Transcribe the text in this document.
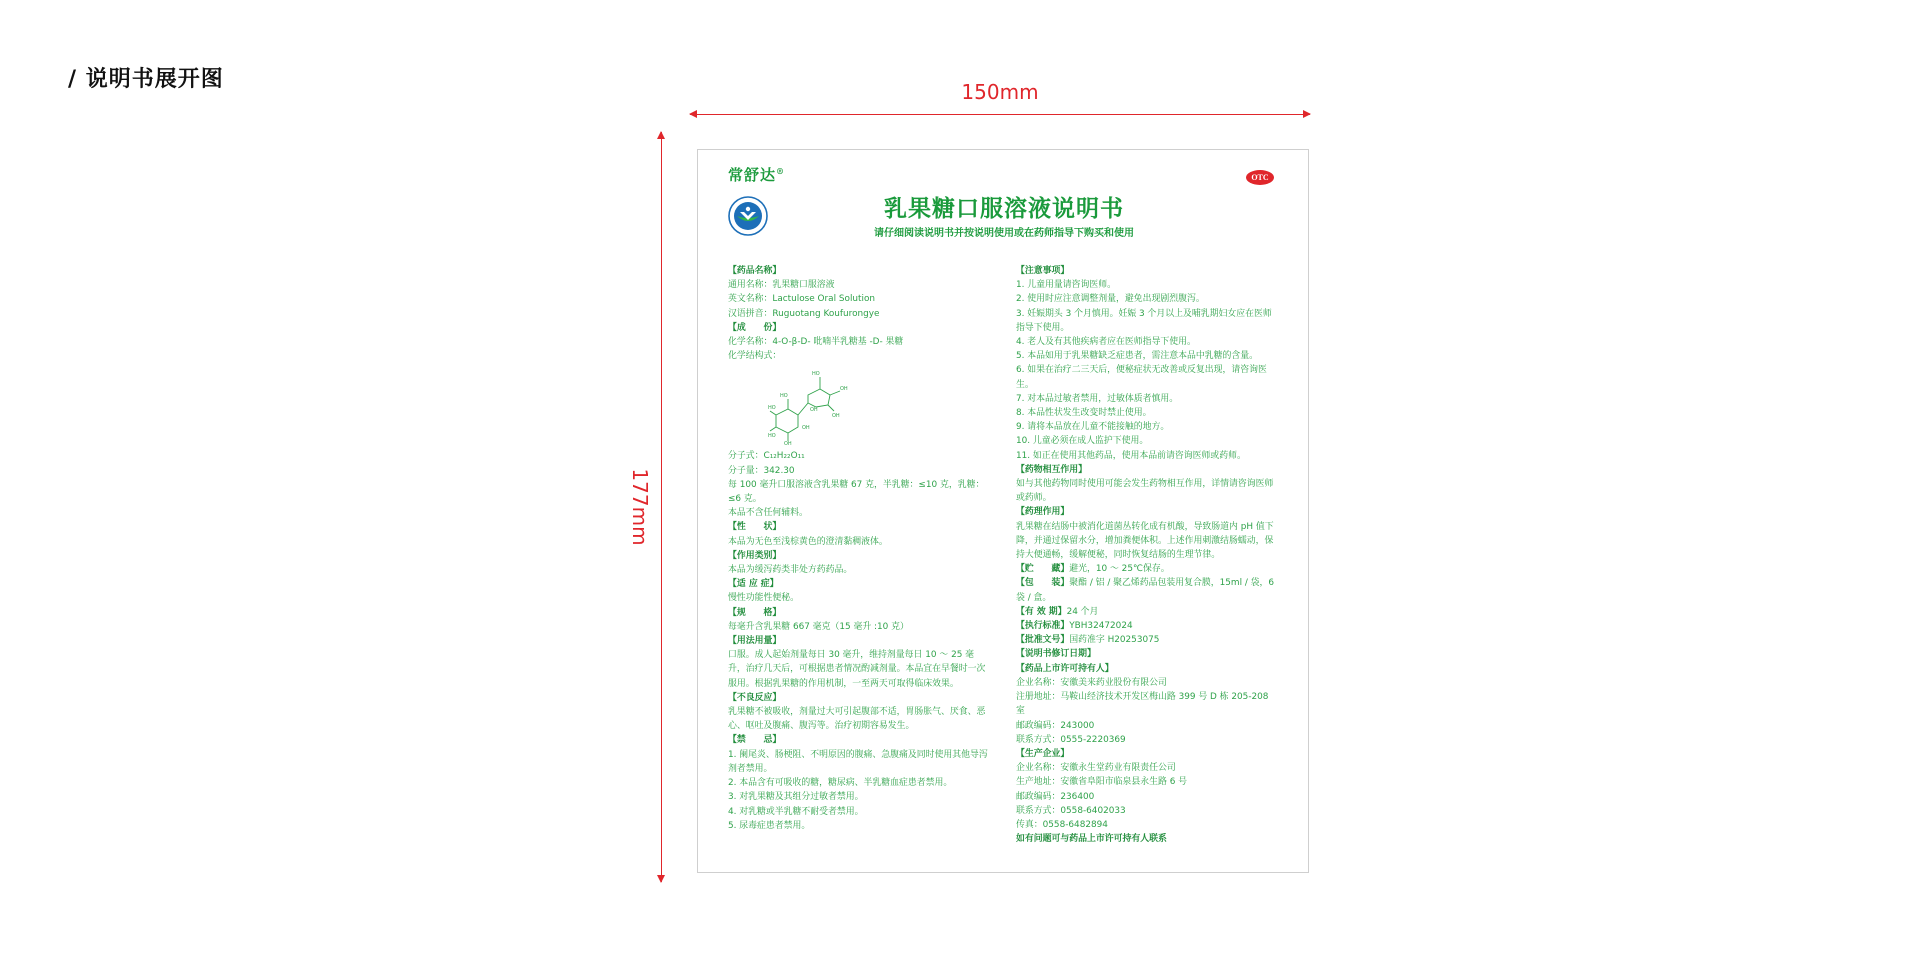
/ 说明书展开图	150mm
177mm
常舒达®
OTC
乳果糖口服溶液说明书
请仔细阅读说明书并按说明使用或在药师指导下购买和使用
【药品名称】
通用名称：乳果糖口服溶液
英文名称：Lactulose Oral Solution
汉语拼音：Ruguotang Koufurongye
【成　　份】
化学名称：4-O-β-D- 吡喃半乳糖基 -D- 果糖
化学结构式：
HO
OH
OH
HO
HO
HO
OH
OH
OH
分子式：C₁₂H₂₂O₁₁
分子量：342.30
每 100 毫升口服溶液含乳果糖 67 克，半乳糖：≤10 克，乳糖：≤6 克。
本品不含任何辅料。
【性　　状】
本品为无色至浅棕黄色的澄清黏稠液体。
【作用类别】
本品为缓泻药类非处方药药品。
【适 应 症】
慢性功能性便秘。
【规　　格】
每毫升含乳果糖 667 毫克（15 毫升 :10 克）
【用法用量】
口服。成人起始剂量每日 30 毫升，维持剂量每日 10 ～ 25 毫升，治疗几天后，可根据患者情况酌减剂量。本品宜在早餐时一次服用。根据乳果糖的作用机制，一至两天可取得临床效果。
【不良反应】
乳果糖不被吸收，剂量过大可引起腹部不适，胃肠胀气、厌食、恶心、呕吐及腹痛、腹泻等。治疗初期容易发生。
【禁　　忌】
1. 阑尾炎、肠梗阻、不明原因的腹痛、急腹痛及同时使用其他导泻剂者禁用。
2. 本品含有可吸收的糖，糖尿病、半乳糖血症患者禁用。
3. 对乳果糖及其组分过敏者禁用。
4. 对乳糖或半乳糖不耐受者禁用。
5. 尿毒症患者禁用。
【注意事项】
1. 儿童用量请咨询医师。
2. 使用时应注意调整剂量，避免出现剧烈腹泻。
3. 妊娠期头 3 个月慎用。妊娠 3 个月以上及哺乳期妇女应在医师指导下使用。
4. 老人及有其他疾病者应在医师指导下使用。
5. 本品如用于乳果糖缺乏症患者，需注意本品中乳糖的含量。
6. 如果在治疗二三天后，便秘症状无改善或反复出现，请咨询医生。
7. 对本品过敏者禁用，过敏体质者慎用。
8. 本品性状发生改变时禁止使用。
9. 请将本品放在儿童不能接触的地方。
10. 儿童必须在成人监护下使用。
11. 如正在使用其他药品，使用本品前请咨询医师或药师。
【药物相互作用】
如与其他药物同时使用可能会发生药物相互作用，详情请咨询医师或药师。
【药理作用】
乳果糖在结肠中被消化道菌丛转化成有机酸，导致肠道内 pH 值下降，并通过保留水分，增加粪便体积。上述作用刺激结肠蠕动，保持大便通畅，缓解便秘，同时恢复结肠的生理节律。
【贮　　藏】避光，10 ～ 25℃保存。
【包　　装】聚酯 / 铝 / 聚乙烯药品包装用复合膜，15ml / 袋，6 袋 / 盒。
【有 效 期】24 个月
【执行标准】YBH32472024
【批准文号】国药准字 H20253075
【说明书修订日期】
【药品上市许可持有人】
企业名称：安徽美来药业股份有限公司
注册地址：马鞍山经济技术开发区梅山路 399 号 D 栋 205-208 室
邮政编码：243000
联系方式：0555-2220369
【生产企业】
企业名称：安徽永生堂药业有限责任公司
生产地址：安徽省阜阳市临泉县永生路 6 号
邮政编码：236400
联系方式：0558-6402033
传真：0558-6482894
如有问题可与药品上市许可持有人联系
